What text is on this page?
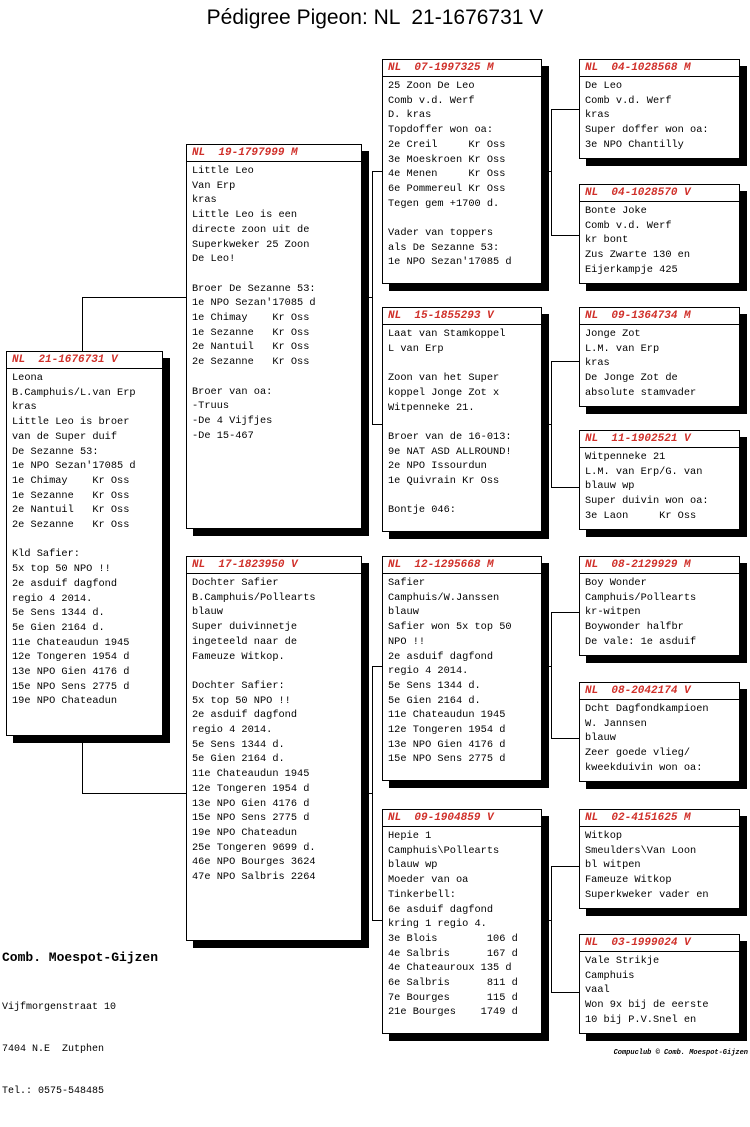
Pédigree Pigeon: NL  21-1676731 V
NL  21-1676731 V
Leona
B.Camphuis/L.van Erp
kras
Little Leo is broer
van de Super duif
De Sezanne 53:
1e NPO Sezan'17085 d
1e Chimay    Kr Oss
1e Sezanne   Kr Oss
2e Nantuil   Kr Oss
2e Sezanne   Kr Oss

Kld Safier:
5x top 50 NPO !!
2e asduif dagfond
regio 4 2014.
5e Sens 1344 d.
5e Gien 2164 d.
11e Chateaudun 1945
12e Tongeren 1954 d
13e NPO Gien 4176 d
15e NPO Sens 2775 d
19e NPO Chateadun
NL  19-1797999 M
Little Leo
Van Erp
kras
Little Leo is een
directe zoon uit de
Superkweker 25 Zoon
De Leo!

Broer De Sezanne 53:
1e NPO Sezan'17085 d
1e Chimay    Kr Oss
1e Sezanne   Kr Oss
2e Nantuil   Kr Oss
2e Sezanne   Kr Oss

Broer van oa:
-Truus
-De 4 Vijfjes
-De 15-467
NL  17-1823950 V
Dochter Safier
B.Camphuis/Pollearts
blauw
Super duivinnetje
ingeteeld naar de
Fameuze Witkop.

Dochter Safier:
5x top 50 NPO !!
2e asduif dagfond
regio 4 2014.
5e Sens 1344 d.
5e Gien 2164 d.
11e Chateaudun 1945
12e Tongeren 1954 d
13e NPO Gien 4176 d
15e NPO Sens 2775 d
19e NPO Chateadun
25e Tongeren 9699 d.
46e NPO Bourges 3624
47e NPO Salbris 2264
NL  07-1997325 M
25 Zoon De Leo
Comb v.d. Werf
D. kras
Topdoffer won oa:
2e Creil     Kr Oss
3e Moeskroen Kr Oss
4e Menen     Kr Oss
6e Pommereul Kr Oss
Tegen gem +1700 d.

Vader van toppers
als De Sezanne 53:
1e NPO Sezan'17085 d
NL  15-1855293 V
Laat van Stamkoppel
L van Erp

Zoon van het Super
koppel Jonge Zot x
Witpenneke 21.

Broer van de 16-013:
9e NAT ASD ALLROUND!
2e NPO Issourdun
1e Quivrain Kr Oss

Bontje 046:
NL  12-1295668 M
Safier
Camphuis/W.Janssen
blauw
Safier won 5x top 50
NPO !!
2e asduif dagfond
regio 4 2014.
5e Sens 1344 d.
5e Gien 2164 d.
11e Chateaudun 1945
12e Tongeren 1954 d
13e NPO Gien 4176 d
15e NPO Sens 2775 d
NL  09-1904859 V
Hepie 1
Camphuis\Pollearts
blauw wp
Moeder van oa
Tinkerbell:
6e asduif dagfond
kring 1 regio 4.
3e Blois        106 d
4e Salbris      167 d
4e Chateauroux 135 d
6e Salbris      811 d
7e Bourges      115 d
21e Bourges    1749 d
NL  04-1028568 M
De Leo
Comb v.d. Werf
kras
Super doffer won oa:
3e NPO Chantilly
NL  04-1028570 V
Bonte Joke
Comb v.d. Werf
kr bont
Zus Zwarte 130 en
Eijerkampje 425
NL  09-1364734 M
Jonge Zot
L.M. van Erp
kras
De Jonge Zot de
absolute stamvader
NL  11-1902521 V
Witpenneke 21
L.M. van Erp/G. van
blauw wp
Super duivin won oa:
3e Laon     Kr Oss
NL  08-2129929 M
Boy Wonder
Camphuis/Pollearts
kr-witpen
Boywonder halfbr
De vale: 1e asduif
NL  08-2042174 V
Dcht Dagfondkampioen
W. Jannsen
blauw
Zeer goede vlieg/
kweekduivin won oa:
NL  02-4151625 M
Witkop
Smeulders\Van Loon
bl witpen
Fameuze Witkop
Superkweker vader en
NL  03-1999024 V
Vale Strikje
Camphuis
vaal
Won 9x bij de eerste
10 bij P.V.Snel en
Comb. Moespot-Gijzen

Vijfmorgenstraat 10

7404 N.E  Zutphen

Tel.: 0575-548485

Compuclub © Comb. Moespot-Gijzen
